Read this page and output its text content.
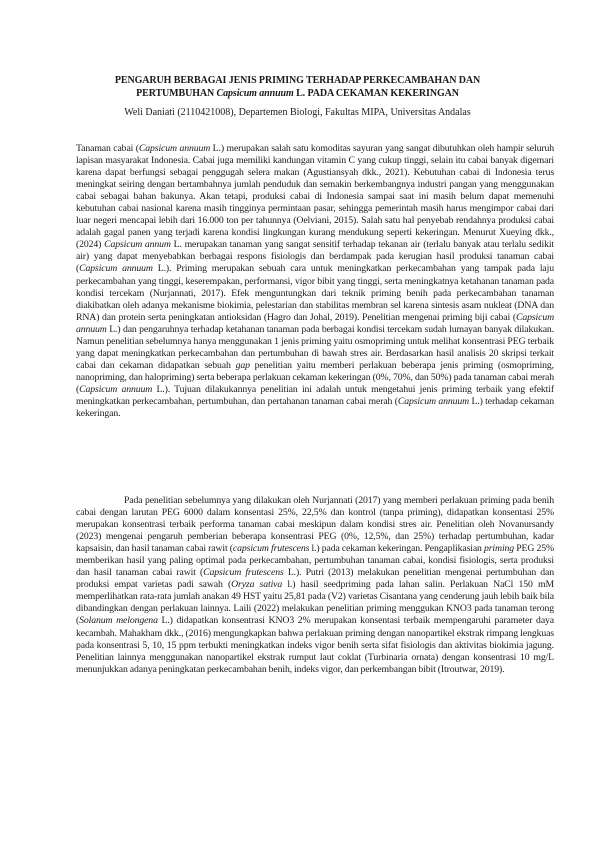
PENGARUH BERBAGAI JENIS PRIMING TERHADAP PERKECAMBAHAN DAN
PERTUMBUHAN Capsicum annuum L. PADA CEKAMAN KEKERINGAN

Weli Daniati (2110421008), Departemen Biologi, Fakultas MIPA, Universitas Andalas

Tanaman cabai (Capsicum annuum L.) merupakan salah satu komoditas sayuran yang sangat dibutuhkan oleh hampir seluruh lapisan masyarakat Indonesia. Cabai juga memiliki kandungan vitamin C yang cukup tinggi, selain itu cabai banyak digemari karena dapat berfungsi sebagai penggugah selera makan (Agustiansyah dkk., 2021). Kebutuhan cabai di Indonesia terus meningkat seiring dengan bertambahnya jumlah penduduk dan semakin berkembangnya industri pangan yang menggunakan cabai sebagai bahan bakunya. Akan tetapi, produksi cabai di Indonesia sampai saat ini masih belum dapat memenuhi kebutuhan cabai nasional karena masih tingginya permintaan pasar, sehingga pemerintah masih harus mengimpor cabai dari luar negeri mencapai lebih dari 16.000 ton per tahunnya (Oelviani, 2015). Salah satu hal penyebab rendahnya produksi cabai adalah gagal panen yang terjadi karena kondisi lingkungan kurang mendukung seperti kekeringan. Menurut Xueying dkk., (2024) Capsicum annum L. merupakan tanaman yang sangat sensitif terhadap tekanan air (terlalu banyak atau terlalu sedikit air) yang dapat menyebabkan berbagai respons fisiologis dan berdampak pada kerugian hasil produksi tanaman cabai (Capsicum annuum L.). Priming merupakan sebuah cara untuk meningkatkan perkecambahan yang tampak pada laju perkecambahan yang tinggi, keserempakan, performansi, vigor bibit yang tinggi, serta meningkatnya ketahanan tanaman pada kondisi tercekam (Nurjannati, 2017). Efek menguntungkan dari teknik priming benih pada perkecambahan tanaman diakibatkan oleh adanya mekanisme biokimia, pelestarian dan stabilitas membran sel karena sintesis asam nukleat (DNA dan RNA) dan protein serta peningkatan antioksidan (Hagro dan Johal, 2019). Penelitian mengenai priming biji cabai (Capsicum annuum L.) dan pengaruhnya terhadap ketahanan tanaman pada berbagai kondisi tercekam sudah lumayan banyak dilakukan. Namun penelitian sebelumnya hanya menggunakan 1 jenis priming yaitu osmopriming untuk melihat konsentrasi PEG terbaik yang dapat meningkatkan perkecambahan dan pertumbuhan di bawah stres air. Berdasarkan hasil analisis 20 skripsi terkait cabai dan cekaman didapatkan sebuah gap penelitian yaitu memberi perlakuan beberapa jenis priming (osmopriming, nanopriming, dan halopriming) serta beberapa perlakuan cekaman kekeringan (0%, 70%, dan 50%) pada tanaman cabai merah (Capsicum annuum L.). Tujuan dilakukannya penelitian ini adalah untuk mengetahui jenis priming terbaik yang efektif meningkatkan perkecambahan, pertumbuhan, dan pertahanan tanaman cabai merah (Capsicum annuum L.) terhadap cekaman kekeringan.

Pada penelitian sebelumnya yang dilakukan oleh Nurjannati (2017) yang memberi perlakuan priming pada benih cabai dengan larutan PEG 6000 dalam konsentasi 25%, 22,5% dan kontrol (tanpa priming), didapatkan konsentasi 25% merupakan konsentrasi terbaik performa tanaman cabai meskipun dalam kondisi stres air. Penelitian oleh Novanursandy (2023) mengenai pengaruh pemberian beberapa konsentrasi PEG (0%, 12,5%, dan 25%) terhadap pertumbuhan, kadar kapsaisin, dan hasil tanaman cabai rawit (capsicum frutescens l.) pada cekaman kekeringan. Pengaplikasian priming PEG 25% memberikan hasil yang paling optimal pada perkecambahan, pertumbuhan tanaman cabai, kondisi fisiologis, serta produksi dan hasil tanaman cabai rawit (Capsicum frutescens L.). Putri (2013) melakukan penelitian mengenai pertumbuhan dan produksi empat varietas padi sawah (Oryza sativa l.) hasil seedpriming pada lahan salin. Perlakuan NaCl 150 mM memperlihatkan rata-rata jumlah anakan 49 HST yaitu 25,81 pada (V2) varietas Cisantana yang cenderung jauh lebih baik bila dibandingkan dengan perlakuan lainnya. Laili (2022) melakukan penelitian priming menggukan KNO3 pada tanaman terong (Solanum melongena L.) didapatkan konsentrasi KNO3 2% merupakan konsentasi terbaik mempengaruhi parameter daya kecambah. Mahakham dkk., (2016) mengungkapkan bahwa perlakuan priming dengan nanopartikel ekstrak rimpang lengkuas pada konsentrasi 5, 10, 15 ppm terbukti meningkatkan indeks vigor benih serta sifat fisiologis dan aktivitas biokimia jagung. Penelitian lainnya menggunakan nanopartikel ekstrak rumput laut coklat (Turbinaria ornata) dengan konsentrasi 10 mg/L menunjukkan adanya peningkatan perkecambahan benih, indeks vigor, dan perkembangan bibit (Itroutwar, 2019).
